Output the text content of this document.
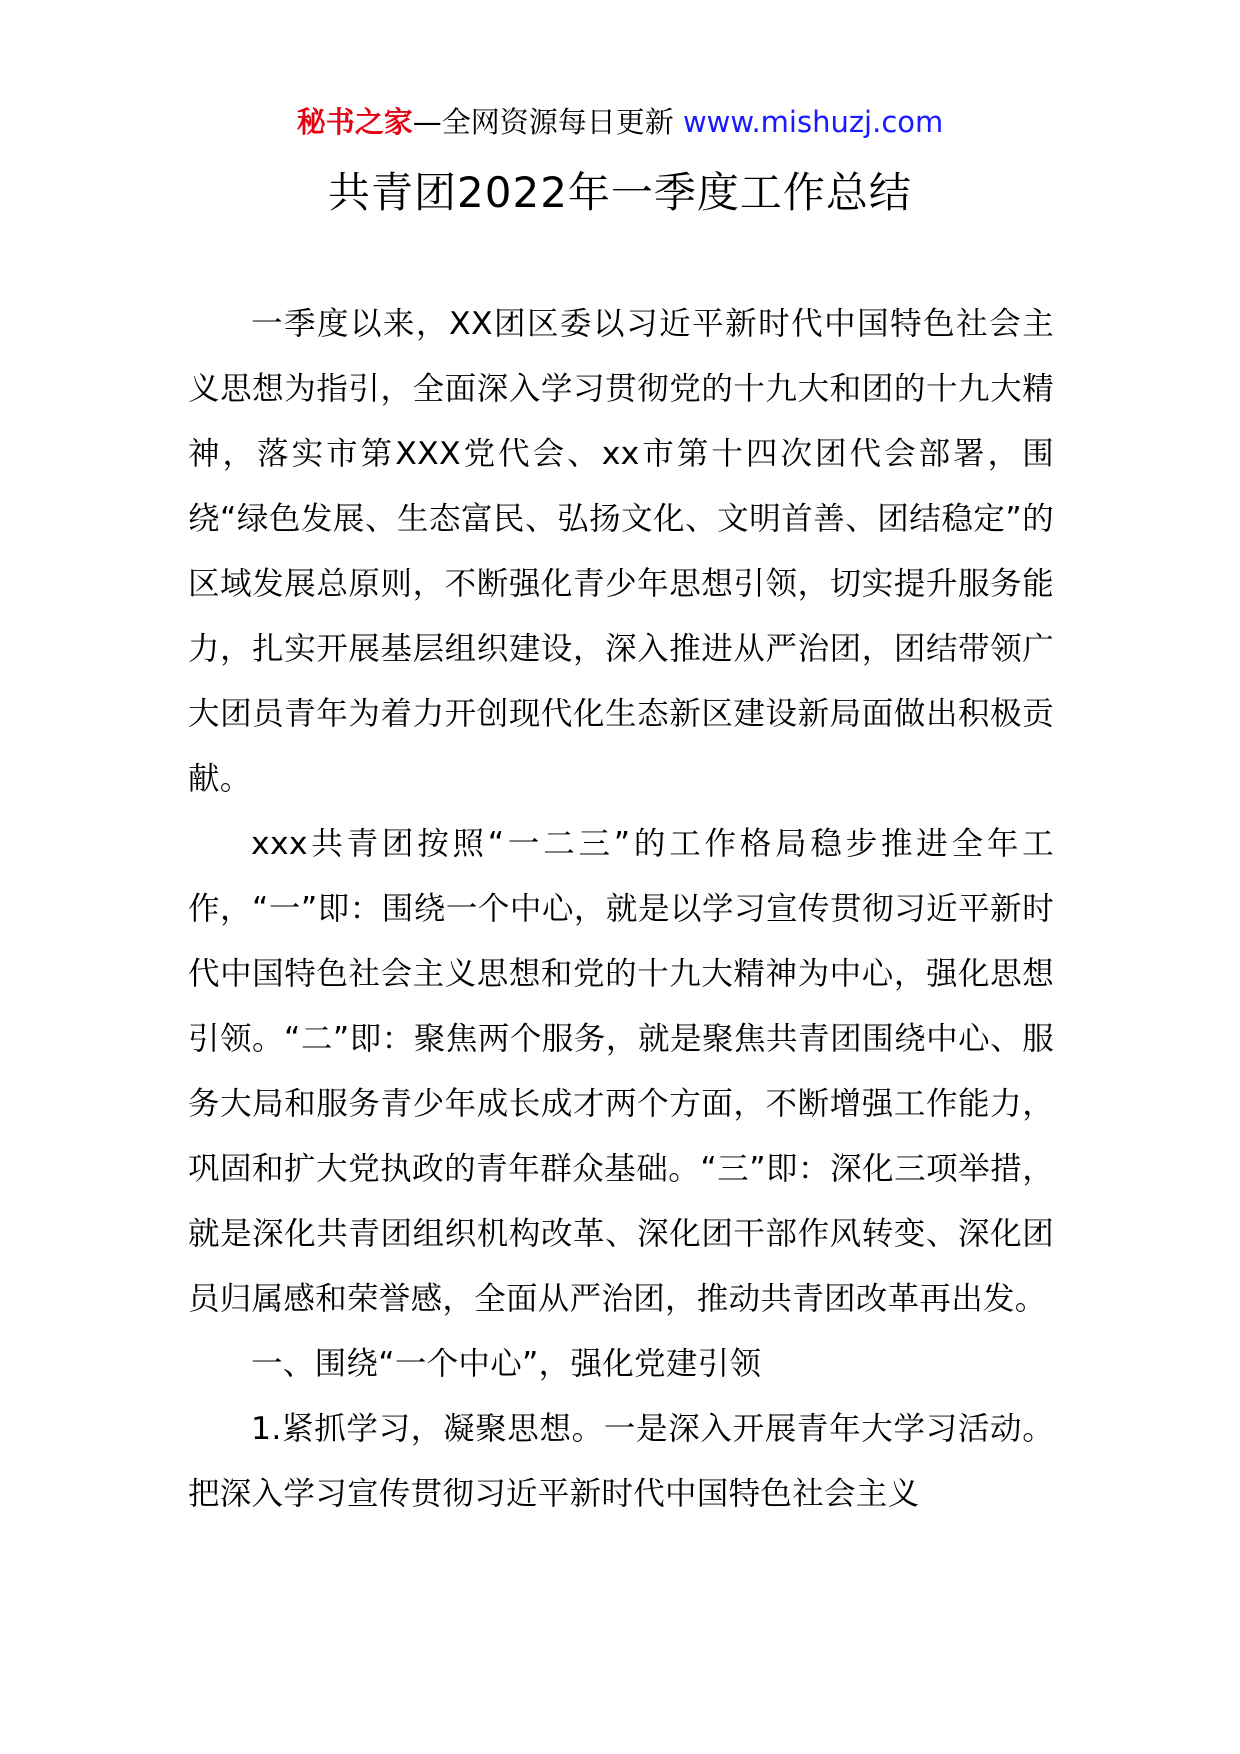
秘书之家—全网资源每日更新 www.mishuzj.com
共青团2022年一季度工作总结

一季度以来，XX团区委以习近平新时代中国特色社会主义思想为指引，全面深入学习贯彻党的十九大和团的十九大精神，落实市第XXX党代会、xx市第十四次团代会部署，围绕“绿色发展、生态富民、弘扬文化、文明首善、团结稳定”的区域发展总原则，不断强化青少年思想引领，切实提升服务能力，扎实开展基层组织建设，深入推进从严治团，团结带领广大团员青年为着力开创现代化生态新区建设新局面做出积极贡献。

xxx共青团按照“一二三”的工作格局稳步推进全年工作，“一”即：围绕一个中心，就是以学习宣传贯彻习近平新时代中国特色社会主义思想和党的十九大精神为中心，强化思想引领。“二”即：聚焦两个服务，就是聚焦共青团围绕中心、服务大局和服务青少年成长成才两个方面，不断增强工作能力，巩固和扩大党执政的青年群众基础。“三”即：深化三项举措，就是深化共青团组织机构改革、深化团干部作风转变、深化团员归属感和荣誉感，全面从严治团，推动共青团改革再出发。

一、围绕“一个中心”，强化党建引领

1.紧抓学习，凝聚思想。一是深入开展青年大学习活动。把深入学习宣传贯彻习近平新时代中国特色社会主义
